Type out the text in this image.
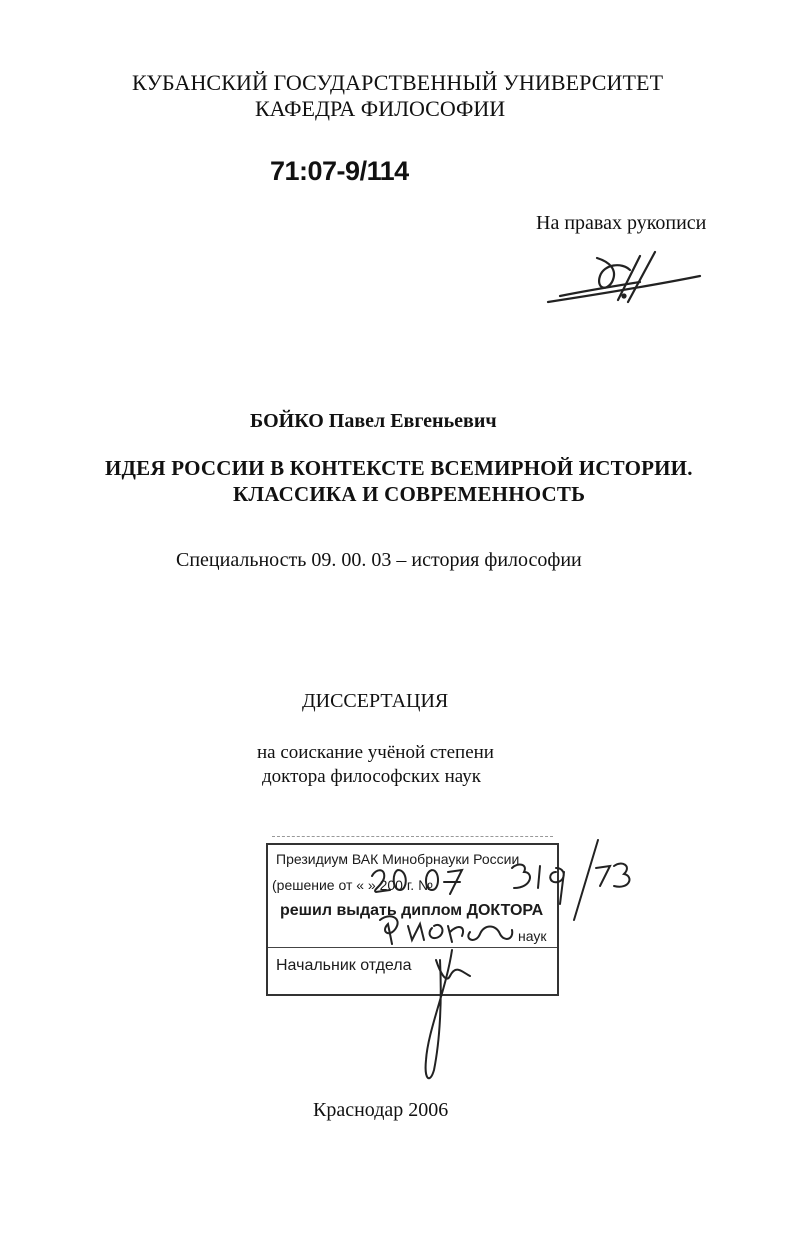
КУБАНСКИЙ ГОСУДАРСТВЕННЫЙ УНИВЕРСИТЕТ
КАФЕДРА ФИЛОСОФИИ
71:07-9/114
На правах рукописи
БОЙКО Павел Евгеньевич
ИДЕЯ РОССИИ В КОНТЕКСТЕ ВСЕМИРНОЙ ИСТОРИИ.
КЛАССИКА И СОВРЕМЕННОСТЬ
Специальность 09. 00. 03 – история философии
ДИССЕРТАЦИЯ
на соискание учёной степени
доктора философских наук
Президиум ВАК Минобрнауки России
(решение от « » 200 г. №
решил выдать диплом ДОКТОРА
наук
Начальник отдела
Краснодар 2006
